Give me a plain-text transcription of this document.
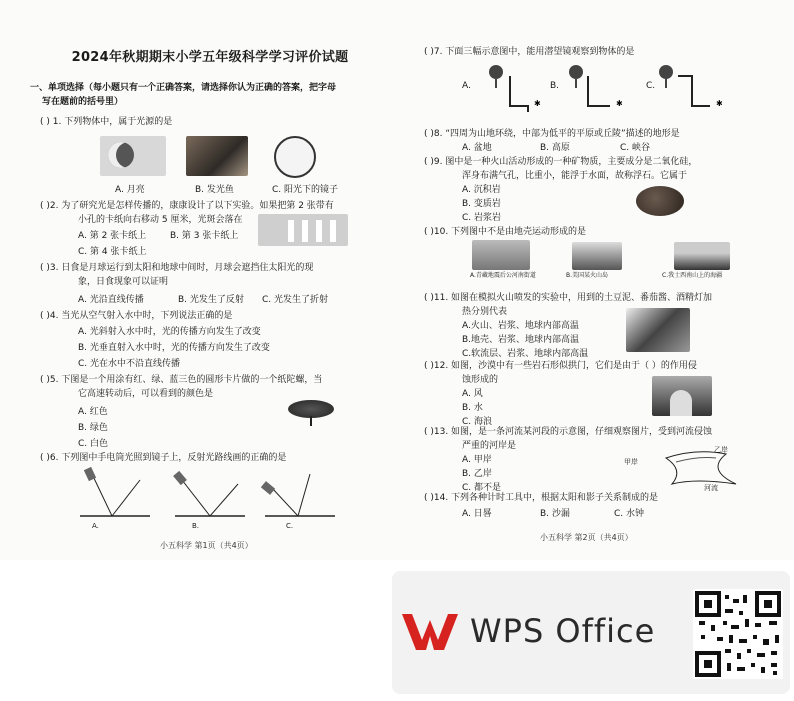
2024年秋期期末小学五年级科学学习评价试题
一、单项选择（每小题只有一个正确答案，请选择你认为正确的答案，把字母
写在题前的括号里）
( ) 1. 下列物体中，属于光源的是
A. 月亮	B. 发光鱼	C. 阳光下的镜子
( )2. 为了研究光是怎样传播的，康康设计了以下实验。如果把第 2 张带有
小孔的卡纸向右移动 5 厘米，光斑会落在
A. 第 2 张卡纸上	B. 第 3 张卡纸上
C. 第 4 张卡纸上
( )3. 日食是月球运行到太阳和地球中间时，月球会遮挡住太阳光的现
象，日食现象可以证明
A. 光沿直线传播	B. 光发生了反射 C. 光发生了折射
( )4. 当光从空气射入水中时，下列说法正确的是
A. 光斜射入水中时，光的传播方向发生了改变
B. 光垂直射入水中时，光的传播方向发生了改变
C. 光在水中不沿直线传播
( )5. 下图是一个用涂有红、绿、蓝三色的圆形卡片做的一个纸陀螺，当
它高速转动后，可以看到的颜色是
A. 红色
B. 绿色
C. 白色
( )6. 下列图中手电筒光照到镜子上，反射光路线画的正确的是
A.	B.	C.
小五科学 第1页（共4页）
( )7. 下面三幅示意图中，能用潜望镜观察到物体的是
✱	✱	✱
A.	B.	C.
( )8. “四周为山地环绕，中部为低平的平原或丘陵”描述的地形是
A. 盆地	B. 高原	C. 峡谷
( )9. 图中是一种火山活动形成的一种矿物质，主要成分是二氧化硅，
浑身布满气孔，比重小，能浮于水面，故称浮石。它属于
A. 沉积岩
B. 变质岩
C. 岩浆岩
( )10. 下列图中不是由地壳运动形成的是
A.青藏地震后公河南街道	B.美国某火山岛	C.我士西南山上的海疆
( )11. 如图在模拟火山喷发的实验中，用到的土豆泥、番茄酱、酒精灯加
热分别代表
A.火山、岩浆、地球内部高温
B.地壳、岩浆、地球内部高温
C.软流层、岩浆、地球内部高温
( )12. 如图，沙漠中有一些岩石形似拱门，它们是由于（ ）的作用侵
蚀形成的
A. 风
B. 水
C. 海浪
( )13. 如图，是一条河流某河段的示意图，仔细观察图片，受到河流侵蚀
严重的河岸是
A. 甲岸
B. 乙岸
C. 都不是
甲岸
乙岸
河流
( )14. 下列各种计时工具中，根据太阳和影子关系制成的是
A. 日晷	B. 沙漏	C. 水钟
小五科学 第2页（共4页）
WPS Office
